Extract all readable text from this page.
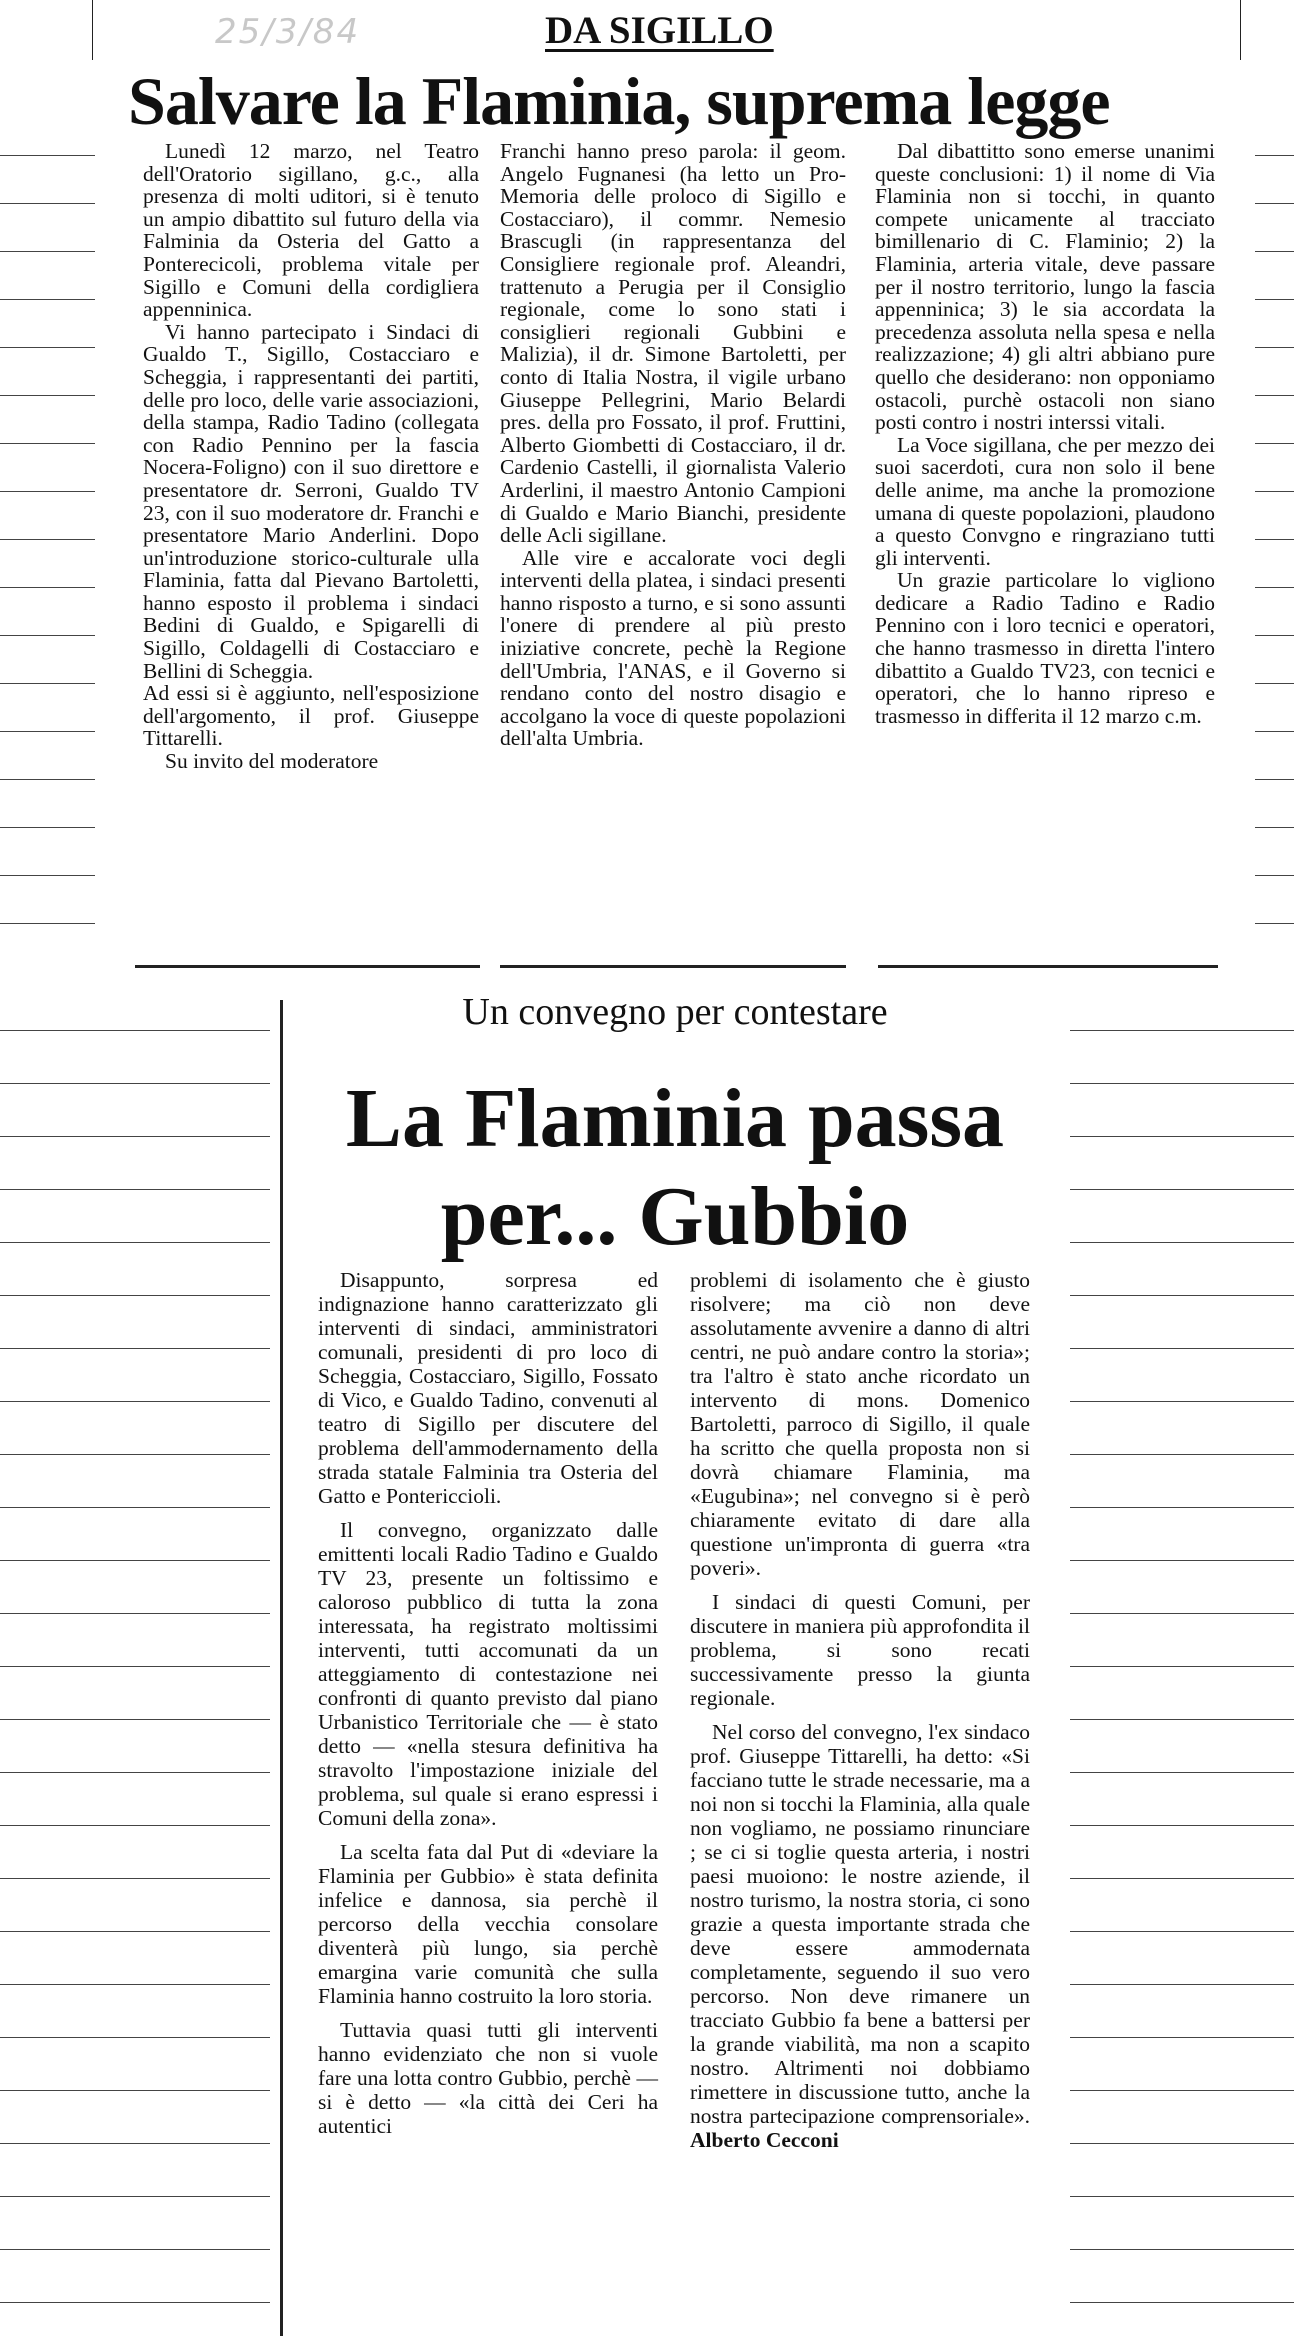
25/3/84	DA SIGILLO
Salvare la Flaminia, suprema legge

Lunedì 12 marzo, nel Teatro dell'Oratorio sigillano, g.c., alla presenza di molti uditori, si è tenuto un ampio dibattito sul futuro della via Falminia da Osteria del Gatto a Ponterecicoli, problema vitale per Sigillo e Comuni della cordigliera appenninica.

Vi hanno partecipato i Sindaci di Gualdo T., Sigillo, Costacciaro e Scheggia, i rappresentanti dei partiti, delle pro loco, delle varie associazioni, della stampa, Radio Tadino (collegata con Radio Pennino per la fascia Nocera-Foligno) con il suo direttore e presentatore dr. Serroni, Gualdo TV 23, con il suo moderatore dr. Franchi e presentatore Mario Anderlini. Dopo un'introduzione storico-culturale ulla Flaminia, fatta dal Pievano Bartoletti, hanno esposto il problema i sindaci Bedini di Gualdo, e Spigarelli di Sigillo, Coldagelli di Costacciaro e Bellini di Scheggia.

Ad essi si è aggiunto, nell'esposizione dell'argomento, il prof. Giuseppe Tittarelli.

Su invito del moderatore

Franchi hanno preso parola: il geom. Angelo Fugnanesi (ha letto un Pro-Memoria delle proloco di Sigillo e Costacciaro), il commr. Nemesio Brascugli (in rappresentanza del Consigliere regionale prof. Aleandri, trattenuto a Perugia per il Consiglio regionale, come lo sono stati i consiglieri regionali Gubbini e Malizia), il dr. Simone Bartoletti, per conto di Italia Nostra, il vigile urbano Giuseppe Pellegrini, Mario Belardi pres. della pro Fossato, il prof. Fruttini, Alberto Giombetti di Costacciaro, il dr. Cardenio Castelli, il giornalista Valerio Arderlini, il maestro Antonio Campioni di Gualdo e Mario Bianchi, presidente delle Acli sigillane.

Alle vire e accalorate voci degli interventi della platea, i sindaci presenti hanno risposto a turno, e si sono assunti l'onere di prendere al più presto iniziative concrete, pechè la Regione dell'Umbria, l'ANAS, e il Governo si rendano conto del nostro disagio e accolgano la voce di queste popolazioni dell'alta Umbria.

Dal dibattitto sono emerse unanimi queste conclusioni: 1) il nome di Via Flaminia non si tocchi, in quanto compete unicamente al tracciato bimillenario di C. Flaminio; 2) la Flaminia, arteria vitale, deve passare per il nostro territorio, lungo la fascia appenninica; 3) le sia accordata la precedenza assoluta nella spesa e nella realizzazione; 4) gli altri abbiano pure quello che desiderano: non opponiamo ostacoli, purchè ostacoli non siano posti contro i nostri interssi vitali.

La Voce sigillana, che per mezzo dei suoi sacerdoti, cura non solo il bene delle anime, ma anche la promozione umana di queste popolazioni, plaudono a questo Convgno e ringraziano tutti gli interventi.

Un grazie particolare lo vigliono dedicare a Radio Tadino e Radio Pennino con i loro tecnici e operatori, che hanno trasmesso in diretta l'intero dibattito a Gualdo TV23, con tecnici e operatori, che lo hanno ripreso e trasmesso in differita il 12 marzo c.m.

Un convegno per contestare
La Flaminia passa
per... Gubbio

Disappunto, sorpresa ed indignazione hanno caratterizzato gli interventi di sindaci, amministratori comunali, presidenti di pro loco di Scheggia, Costacciaro, Sigillo, Fossato di Vico, e Gualdo Tadino, convenuti al teatro di Sigillo per discutere del problema dell'ammodernamento della strada statale Falminia tra Osteria del Gatto e Pontericcioli.

Il convegno, organizzato dalle emittenti locali Radio Tadino e Gualdo TV 23, presente un foltissimo e caloroso pubblico di tutta la zona interessata, ha registrato moltissimi interventi, tutti accomunati da un atteggiamento di contestazione nei confronti di quanto previsto dal piano Urbanistico Territoriale che — è stato detto — «nella stesura definitiva ha stravolto l'impostazione iniziale del problema, sul quale si erano espressi i Comuni della zona».

La scelta fata dal Put di «deviare la Flaminia per Gubbio» è stata definita infelice e dannosa, sia perchè il percorso della vecchia consolare diventerà più lungo, sia perchè emargina varie comunità che sulla Flaminia hanno costruito la loro storia.

Tuttavia quasi tutti gli interventi hanno evidenziato che non si vuole fare una lotta contro Gubbio, perchè — si è detto — «la città dei Ceri ha autentici

problemi di isolamento che è giusto risolvere; ma ciò non deve assolutamente avvenire a danno di altri centri, ne può andare contro la storia»; tra l'altro è stato anche ricordato un intervento di mons. Domenico Bartoletti, parroco di Sigillo, il quale ha scritto che quella proposta non si dovrà chiamare Flaminia, ma «Eugubina»; nel convegno si è però chiaramente evitato di dare alla questione un'impronta di guerra «tra poveri».

I sindaci di questi Comuni, per discutere in maniera più approfondita il problema, si sono recati successivamente presso la giunta regionale.

Nel corso del convegno, l'ex sindaco prof. Giuseppe Tittarelli, ha detto: «Si facciano tutte le strade necessarie, ma a noi non si tocchi la Flaminia, alla quale non vogliamo, ne possiamo rinunciare ; se ci si toglie questa arteria, i nostri paesi muoiono: le nostre aziende, il nostro turismo, la nostra storia, ci sono grazie a questa importante strada che deve essere ammodernata completamente, seguendo il suo vero percorso. Non deve rimanere un tracciato Gubbio fa bene a battersi per la grande viabilità, ma non a scapito nostro. Altrimenti noi dobbiamo rimettere in discussione tutto, anche la nostra partecipazione comprensoriale». Alberto Cecconi
